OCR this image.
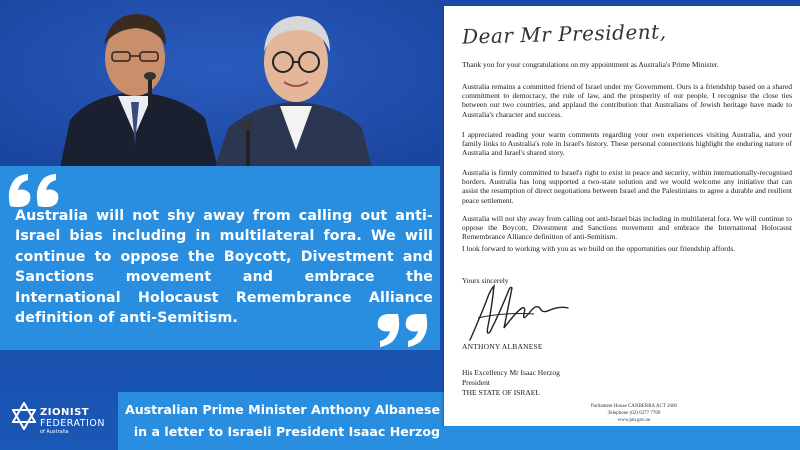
Australia will not shy away from calling out anti-Israel bias including in multilateral fora. We will continue to oppose the Boycott, Divestment and Sanctions movement and embrace the International Holocaust Remembrance Alliance definition of anti-Semitism.
ZIONIST
FEDERATION
of Australia
Australian Prime Minister Anthony Albanese
in a letter to Israeli President Isaac Herzog
Dear Mr President,
Thank you for your congratulations on my appointment as Australia's Prime Minister.
Australia remains a committed friend of Israel under my Government. Ours is a friendship based on a shared commitment to democracy, the rule of law, and the prosperity of our people. I recognise the close ties between our two countries, and applaud the contribution that Australians of Jewish heritage have made to Australia's character and success.
I appreciated reading your warm comments regarding your own experiences visiting Australia, and your family links to Australia's role in Israel's history. These personal connections highlight the enduring nature of Australia and Israel's shared story.
Australia is firmly committed to Israel's right to exist in peace and security, within internationally-recognised borders. Australia has long supported a two-state solution and we would welcome any initiative that can assist the resumption of direct negotiations between Israel and the Palestinians to agree a durable and resilient peace settlement.
Australia will not shy away from calling out anti-Israel bias including in multilateral fora. We will continue to oppose the Boycott, Divestment and Sanctions movement and embrace the International Holocaust Remembrance Alliance definition of anti-Semitism.
I look forward to working with you as we build on the opportunities our friendship affords.
Yours sincerely
ANTHONY ALBANESE
His Excellency Mr Isaac Herzog
President
THE STATE OF ISRAEL
Parliament House CANBERRA ACT 2600
Telephone (02) 6277 7700
www.pm.gov.au
